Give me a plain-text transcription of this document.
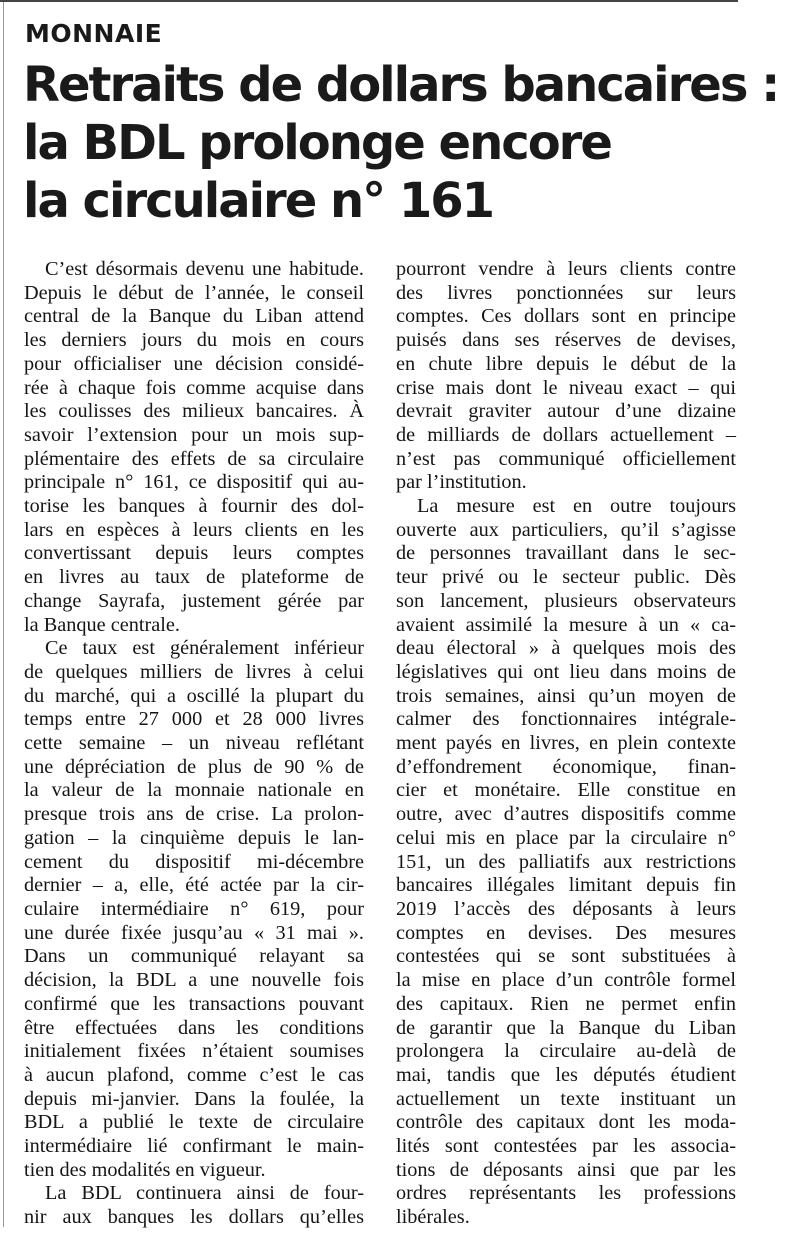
MONNAIE
Retraits de dollars bancaires :
la BDL prolonge encore
la circulaire n° 161

C’est désormais devenu une habitude.
Depuis le début de l’année, le conseil
central de la Banque du Liban attend
les derniers jours du mois en cours
pour officialiser une décision considé-
rée à chaque fois comme acquise dans
les coulisses des milieux bancaires. À
savoir l’extension pour un mois sup-
plémentaire des effets de sa circulaire
principale n° 161, ce dispositif qui au-
torise les banques à fournir des dol-
lars en espèces à leurs clients en les
convertissant depuis leurs comptes
en livres au taux de plateforme de
change Sayrafa, justement gérée par
la Banque centrale.

Ce taux est généralement inférieur
de quelques milliers de livres à celui
du marché, qui a oscillé la plupart du
temps entre 27 000 et 28 000 livres
cette semaine – un niveau reflétant
une dépréciation de plus de 90 % de
la valeur de la monnaie nationale en
presque trois ans de crise. La prolon-
gation – la cinquième depuis le lan-
cement du dispositif mi-décembre
dernier – a, elle, été actée par la cir-
culaire intermédiaire n° 619, pour
une durée fixée jusqu’au « 31 mai ».
Dans un communiqué relayant sa
décision, la BDL a une nouvelle fois
confirmé que les transactions pouvant
être effectuées dans les conditions
initialement fixées n’étaient soumises
à aucun plafond, comme c’est le cas
depuis mi-janvier. Dans la foulée, la
BDL a publié le texte de circulaire
intermédiaire lié confirmant le main-
tien des modalités en vigueur.

La BDL continuera ainsi de four-
nir aux banques les dollars qu’elles

pourront vendre à leurs clients contre
des livres ponctionnées sur leurs
comptes. Ces dollars sont en principe
puisés dans ses réserves de devises,
en chute libre depuis le début de la
crise mais dont le niveau exact – qui
devrait graviter autour d’une dizaine
de milliards de dollars actuellement –
n’est pas communiqué officiellement
par l’institution.

La mesure est en outre toujours
ouverte aux particuliers, qu’il s’agisse
de personnes travaillant dans le sec-
teur privé ou le secteur public. Dès
son lancement, plusieurs observateurs
avaient assimilé la mesure à un « ca-
deau électoral » à quelques mois des
législatives qui ont lieu dans moins de
trois semaines, ainsi qu’un moyen de
calmer des fonctionnaires intégrale-
ment payés en livres, en plein contexte
d’effondrement économique, finan-
cier et monétaire. Elle constitue en
outre, avec d’autres dispositifs comme
celui mis en place par la circulaire n°
151, un des palliatifs aux restrictions
bancaires illégales limitant depuis fin
2019 l’accès des déposants à leurs
comptes en devises. Des mesures
contestées qui se sont substituées à
la mise en place d’un contrôle formel
des capitaux. Rien ne permet enfin
de garantir que la Banque du Liban
prolongera la circulaire au-delà de
mai, tandis que les députés étudient
actuellement un texte instituant un
contrôle des capitaux dont les moda-
lités sont contestées par les associa-
tions de déposants ainsi que par les
ordres représentants les professions
libérales.
